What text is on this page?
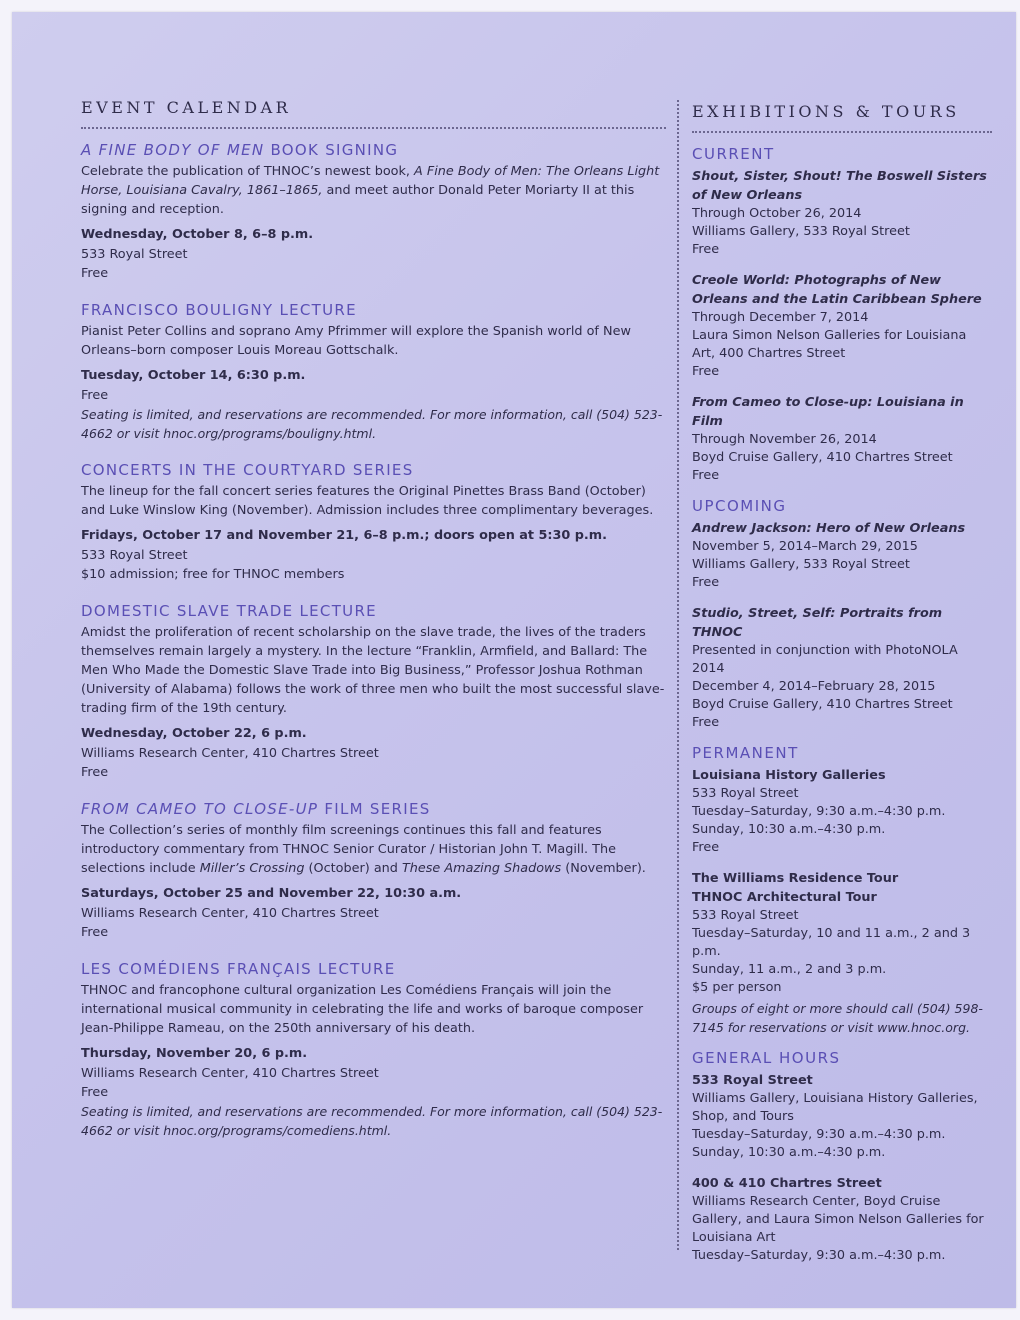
EVENT CALENDAR
A FINE BODY OF MEN BOOK SIGNING

Celebrate the publication of THNOC’s newest book, A Fine Body of Men: The Orleans Light Horse, Louisiana Cavalry, 1861–1865, and meet author Donald Peter Moriarty II at this signing and reception.

Wednesday, October 8, 6–8 p.m.

533 Royal Street

Free

FRANCISCO BOULIGNY LECTURE

Pianist Peter Collins and soprano Amy Pfrimmer will explore the Spanish world of New Orleans–born composer Louis Moreau Gottschalk.

Tuesday, October 14, 6:30 p.m.

Free

Seating is limited, and reservations are recommended. For more information, call (504) 523-4662 or visit hnoc.org/programs/bouligny.html.

CONCERTS IN THE COURTYARD SERIES

The lineup for the fall concert series features the Original Pinettes Brass Band (October) and Luke Winslow King (November). Admission includes three complimentary beverages.

Fridays, October 17 and November 21, 6–8 p.m.; doors open at 5:30 p.m.

533 Royal Street

$10 admission; free for THNOC members

DOMESTIC SLAVE TRADE LECTURE

Amidst the proliferation of recent scholarship on the slave trade, the lives of the traders themselves remain largely a mystery. In the lecture “Franklin, Armfield, and Ballard: The Men Who Made the Domestic Slave Trade into Big Business,” Professor Joshua Rothman (University of Alabama) follows the work of three men who built the most successful slave-trading firm of the 19th century.

Wednesday, October 22, 6 p.m.

Williams Research Center, 410 Chartres Street

Free

FROM CAMEO TO CLOSE-UP FILM SERIES

The Collection’s series of monthly film screenings continues this fall and features introductory commentary from THNOC Senior Curator / Historian John T. Magill. The selections include Miller’s Crossing (October) and These Amazing Shadows (November).

Saturdays, October 25 and November 22, 10:30 a.m.

Williams Research Center, 410 Chartres Street

Free

LES COMÉDIENS FRANÇAIS LECTURE

THNOC and francophone cultural organization Les Comédiens Français will join the international musical community in celebrating the life and works of baroque composer Jean-Philippe Rameau, on the 250th anniversary of his death.

Thursday, November 20, 6 p.m.

Williams Research Center, 410 Chartres Street

Free

Seating is limited, and reservations are recommended. For more information, call (504) 523-4662 or visit hnoc.org/programs/comediens.html.

EXHIBITIONS & TOURS
CURRENT

Shout, Sister, Shout! The Boswell Sisters of New Orleans

Through October 26, 2014

Williams Gallery, 533 Royal Street

Free

Creole World: Photographs of New Orleans and the Latin Caribbean Sphere

Through December 7, 2014

Laura Simon Nelson Galleries for Louisiana Art, 400 Chartres Street

Free

From Cameo to Close-up: Louisiana in Film

Through November 26, 2014

Boyd Cruise Gallery, 410 Chartres Street

Free

UPCOMING

Andrew Jackson: Hero of New Orleans

November 5, 2014–March 29, 2015

Williams Gallery, 533 Royal Street

Free

Studio, Street, Self: Portraits from THNOC

Presented in conjunction with PhotoNOLA 2014

December 4, 2014–February 28, 2015

Boyd Cruise Gallery, 410 Chartres Street

Free

PERMANENT

Louisiana History Galleries

533 Royal Street

Tuesday–Saturday, 9:30 a.m.–4:30 p.m.

Sunday, 10:30 a.m.–4:30 p.m.

Free

The Williams Residence Tour

THNOC Architectural Tour

533 Royal Street

Tuesday–Saturday, 10 and 11 a.m., 2 and 3 p.m.

Sunday, 11 a.m., 2 and 3 p.m.

$5 per person

Groups of eight or more should call (504) 598-7145 for reservations or visit www.hnoc.org.

GENERAL HOURS

533 Royal Street

Williams Gallery, Louisiana History Galleries, Shop, and Tours

Tuesday–Saturday, 9:30 a.m.–4:30 p.m.

Sunday, 10:30 a.m.–4:30 p.m.

400 & 410 Chartres Street

Williams Research Center, Boyd Cruise Gallery, and Laura Simon Nelson Galleries for Louisiana Art

Tuesday–Saturday, 9:30 a.m.–4:30 p.m.
